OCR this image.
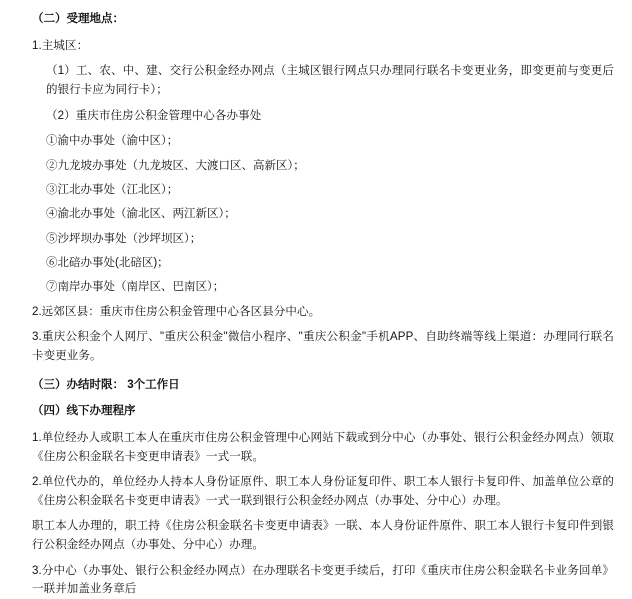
（二）受理地点：
1.主城区：
（1）工、农、中、建、交行公积金经办网点（主城区银行网点只办理同行联名卡变更业务，即变更前与变更后的银行卡应为同行卡）；
（2）重庆市住房公积金管理中心各办事处
①渝中办事处（渝中区）；
②九龙坡办事处（九龙坡区、大渡口区、高新区）；
③江北办事处（江北区）；
④渝北办事处（渝北区、两江新区）；
⑤沙坪坝办事处（沙坪坝区）；
⑥北碚办事处(北碚区)；
⑦南岸办事处（南岸区、巴南区）；
2.远郊区县：重庆市住房公积金管理中心各区县分中心。
3.重庆公积金个人网厅、"重庆公积金"微信小程序、"重庆公积金"手机APP、自助终端等线上渠道：办理同行联名卡变更业务。
（三）办结时限： 3个工作日
（四）线下办理程序
1.单位经办人或职工本人在重庆市住房公积金管理中心网站下载或到分中心（办事处、银行公积金经办网点）领取《住房公积金联名卡变更申请表》一式一联。
2.单位代办的，单位经办人持本人身份证原件、职工本人身份证复印件、职工本人银行卡复印件、加盖单位公章的《住房公积金联名卡变更申请表》一式一联到银行公积金经办网点（办事处、分中心）办理。
职工本人办理的，职工持《住房公积金联名卡变更申请表》一联、本人身份证件原件、职工本人银行卡复印件到银行公积金经办网点（办事处、分中心）办理。
3.分中心（办事处、银行公积金经办网点）在办理联名卡变更手续后，打印《重庆市住房公积金联名卡业务回单》一联并加盖业务章后
